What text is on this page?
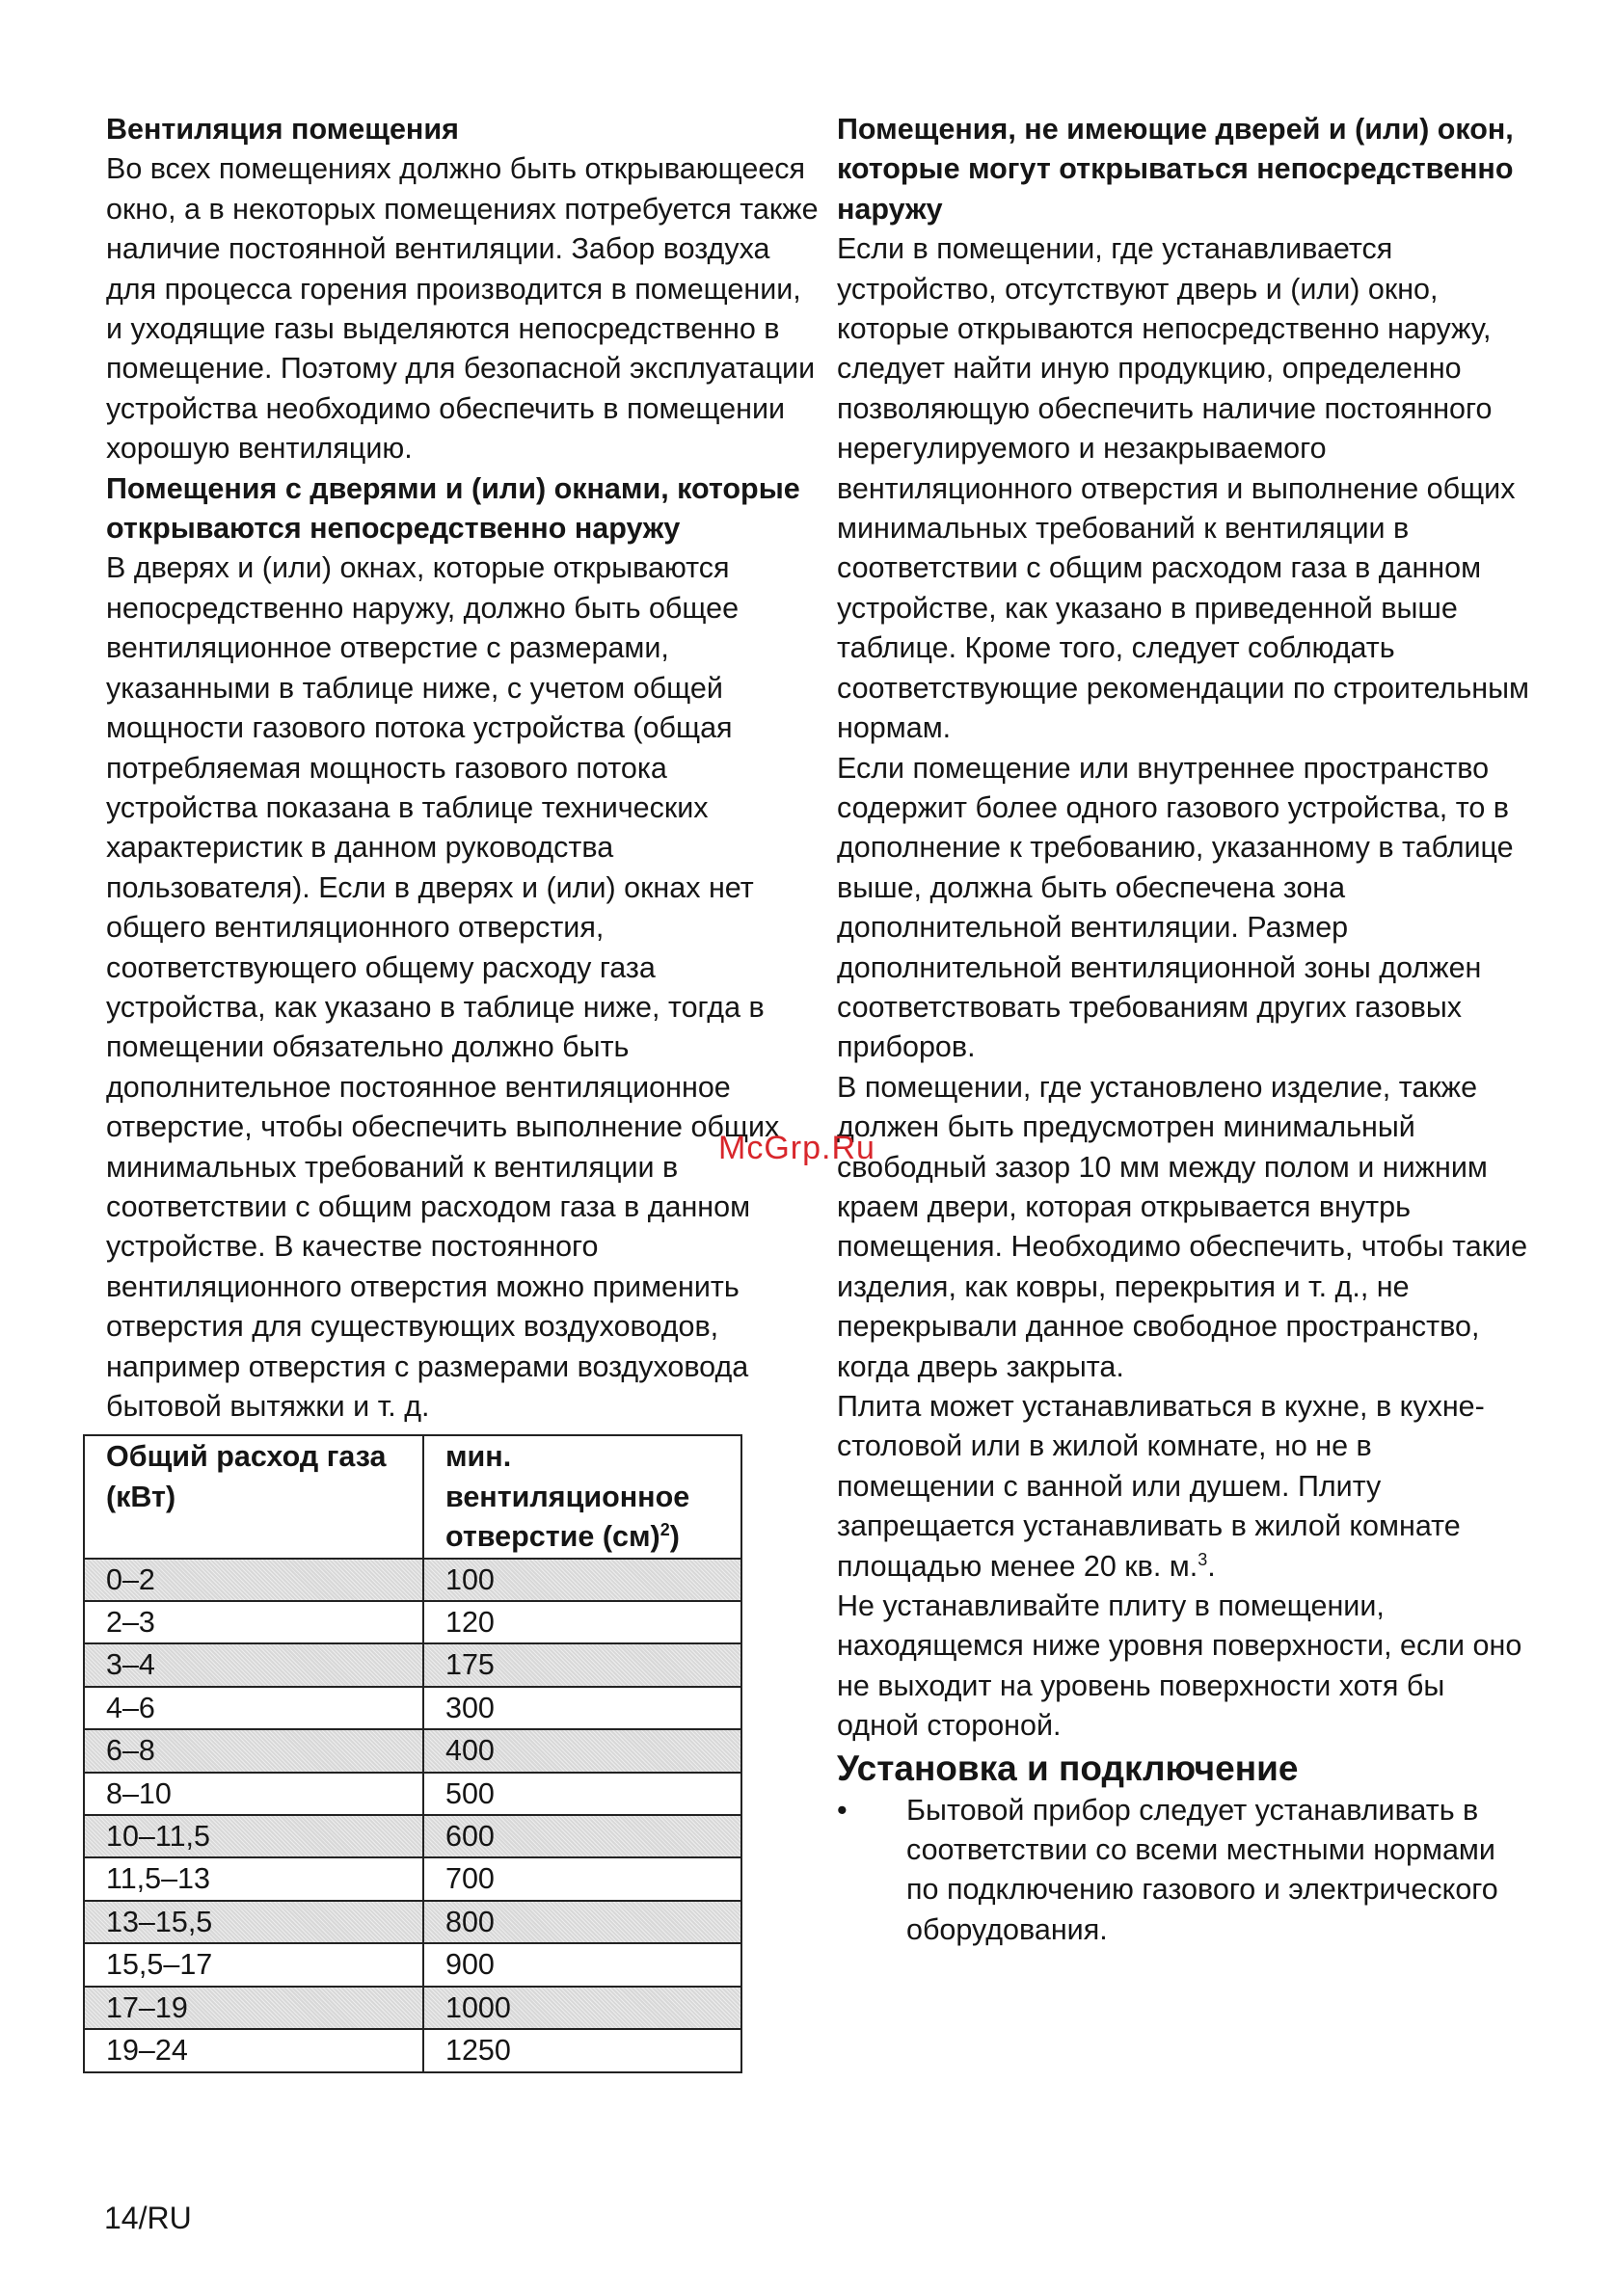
Вентиляция помещения

Во всех помещениях должно быть открывающееся окно, а в некоторых помещениях потребуется также наличие постоянной вентиляции. Забор воздуха для процесса горения производится в помещении, и уходящие газы выделяются непосредственно в помещение. Поэтому для безопасной эксплуатации устройства необходимо обеспечить в помещении хорошую вентиляцию.

Помещения с дверями и (или) окнами, которые открываются непосредственно наружу

В дверях и (или) окнах, которые открываются непосредственно наружу, должно быть общее вентиляционное отверстие с размерами, указанными в таблице ниже, с учетом общей мощности газового потока устройства (общая потребляемая мощность газового потока устройства показана в таблице технических характеристик в данном руководства пользователя). Если в дверях и (или) окнах нет общего вентиляционного отверстия, соответствующего общему расходу газа устройства, как указано в таблице ниже, тогда в помещении обязательно должно быть дополнительное постоянное вентиляционное отверстие, чтобы обеспечить выполнение общих минимальных требований к вентиляции в соответствии с общим расходом газа в данном устройстве. В качестве постоянного вентиляционного отверстия можно применить отверстия для существующих воздуховодов, например отверстия с размерами воздуховода бытовой вытяжки и т. д.

Общий расход газа (кВт)	мин. вентиляционное отверстие (см)$^2$)
0–2	100
2–3	120
3–4	175
4–6	300
6–8	400
8–10	500
10–11,5	600
11,5–13	700
13–15,5	800
15,5–17	900
17–19	1000
19–24	1250

Помещения, не имеющие дверей и (или) окон, которые могут открываться непосредственно наружу

Если в помещении, где устанавливается устройство, отсутствуют дверь и (или) окно, которые открываются непосредственно наружу, следует найти иную продукцию, определенно позволяющую обеспечить наличие постоянного нерегулируемого и незакрываемого вентиляционного отверстия и выполнение общих минимальных требований к вентиляции в соответствии с общим расходом газа в данном устройстве, как указано в приведенной выше таблице. Кроме того, следует соблюдать соответствующие рекомендации по строительным нормам.

Если помещение или внутреннее пространство содержит более одного газового устройства, то в дополнение к требованию, указанному в таблице выше, должна быть обеспечена зона дополнительной вентиляции. Размер дополнительной вентиляционной зоны должен соответствовать требованиям других газовых приборов.

В помещении, где установлено изделие, также должен быть предусмотрен минимальный свободный зазор 10 мм между полом и нижним краем двери, которая открывается внутрь помещения. Необходимо обеспечить, чтобы такие изделия, как ковры, перекрытия и т. д., не перекрывали данное свободное пространство, когда дверь закрыта.

Плита может устанавливаться в кухне, в кухне-столовой или в жилой комнате, но не в помещении с ванной или душем. Плиту запрещается устанавливать в жилой комнате площадью менее 20 кв. м.$^3$.

Не устанавливайте плиту в помещении, находящемся ниже уровня поверхности, если оно не выходит на уровень поверхности хотя бы одной стороной.

Установка и подключение

• Бытовой прибор следует устанавливать в соответствии со всеми местными нормами по подключению газового и электрического оборудования.
McGrp.Ru
14/RU
